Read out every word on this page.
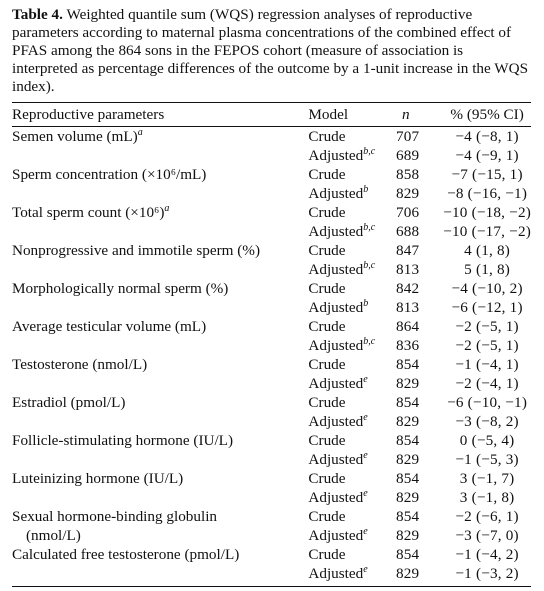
Table 4. Weighted quantile sum (WQS) regression analyses of reproductive parameters according to maternal plasma concentrations of the combined effect of PFAS among the 864 sons in the FEPOS cohort (measure of association is interpreted as percentage differences of the outcome by a 1-unit increase in the WQS index).

Reproductive parameters	Model	n	% (95% CI)
Semen volume (mL)$^a$	Crude	707	−4 (−8, 1)
	Adjusted$^{b,c}$	689	−4 (−9, 1)
Sperm concentration (×10⁶/mL)	Crude	858	−7 (−15, 1)
	Adjusted$^b$	829	−8 (−16, −1)
Total sperm count $(\times 10^6)^a$	Crude	706	−10 (−18, −2)
	Adjusted$^{b,c}$	688	−10 (−17, −2)
Nonprogressive and immotile sperm (%)	Crude	847	4 (1, 8)
	Adjusted$^{b,c}$	813	5 (1, 8)
Morphologically normal sperm (%)	Crude	842	−4 (−10, 2)
	Adjusted$^b$	813	−6 (−12, 1)
Average testicular volume (mL)	Crude	864	−2 (−5, 1)
	Adjusted$^{b,c}$	836	−2 (−5, 1)
Testosterone (nmol/L)	Crude	854	−1 (−4, 1)
	Adjusted$^e$	829	−2 (−4, 1)
Estradiol (pmol/L)	Crude	854	−6 (−10, −1)
	Adjusted$^e$	829	−3 (−8, 2)
Follicle-stimulating hormone (IU/L)	Crude	854	0 (−5, 4)
	Adjusted$^e$	829	−1 (−5, 3)
Luteinizing hormone (IU/L)	Crude	854	3 (−1, 7)
	Adjusted$^e$	829	3 (−1, 8)
Sexual hormone-binding globulin	Crude	854	−2 (−6, 1)
(nmol/L)	Adjusted$^e$	829	−3 (−7, 0)
Calculated free testosterone (pmol/L)	Crude	854	−1 (−4, 2)
	Adjusted$^e$	829	−1 (−3, 2)
